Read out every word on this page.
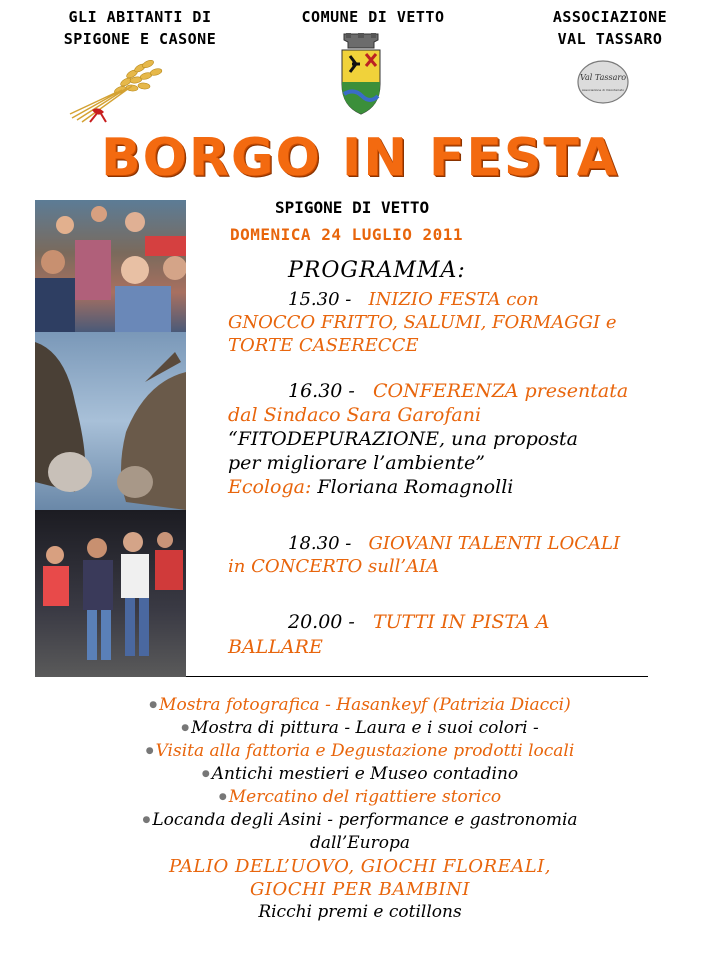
GLI ABITANTI DI
SPIGONE E CASONE
COMUNE DI VETTO	ASSOCIAZIONE
VAL TASSARO
Val Tassaro
Associazione di Volontariato
BORGO IN FESTA
SPIGONE DI VETTO
DOMENICA 24 LUGLIO 2011
PROGRAMMA:
15.30 - INIZIO FESTA con
GNOCCO FRITTO, SALUMI, FORMAGGI e
TORTE CASERECCE
16.30 - CONFERENZA presentata
dal Sindaco Sara Garofani
“FITODEPURAZIONE, una proposta
per migliorare l’ambiente”
Ecologa: Floriana Romagnolli
18.30 - GIOVANI TALENTI LOCALI
in CONCERTO sull’AIA
20.00 - TUTTI IN PISTA A
BALLARE
● Mostra fotografica - Hasankeyf (Patrizia Diacci)
● Mostra di pittura - Laura e i suoi colori -
● Visita alla fattoria e Degustazione prodotti locali
● Antichi mestieri e Museo contadino
● Mercatino del rigattiere storico
● Locanda degli Asini - performance e gastronomia
dall’Europa
PALIO DELL’UOVO, GIOCHI FLOREALI,
GIOCHI PER BAMBINI
Ricchi premi e cotillons
